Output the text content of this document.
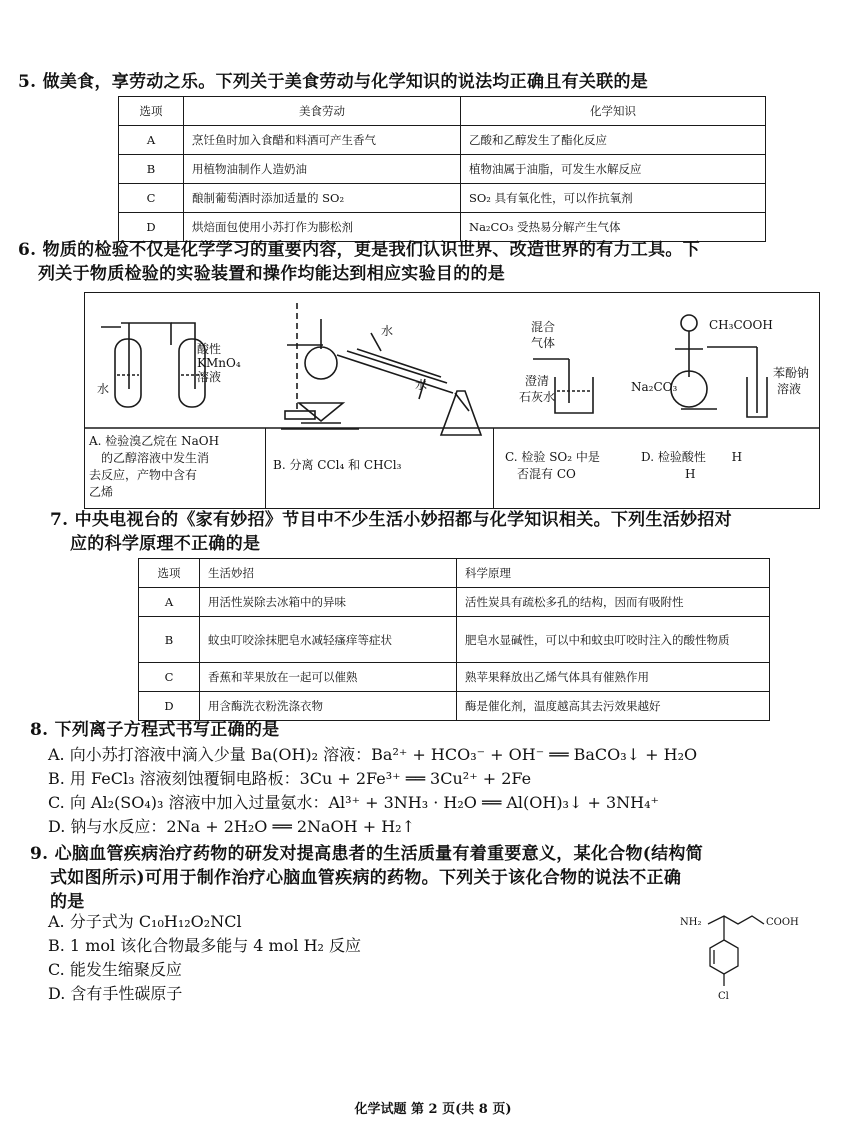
5. 做美食，享劳动之乐。下列关于美食劳动与化学知识的说法均正确且有关联的是
选项	美食劳动	化学知识
A	烹饪鱼时加入食醋和料酒可产生香气	乙酸和乙醇发生了酯化反应
B	用植物油制作人造奶油	植物油属于油脂，可发生水解反应
C	酿制葡萄酒时添加适量的 SO₂	SO₂ 具有氧化性，可以作抗氧剂
D	烘焙面包使用小苏打作为膨松剂	Na₂CO₃ 受热易分解产生气体
6. 物质的检验不仅是化学学习的重要内容，更是我们认识世界、改造世界的有力工具。下
列关于物质检验的实验装置和操作均能达到相应实验目的的是
水
酸性
KMnO₄
溶液
水
水
混合
气体
澄清
石灰水
CH₃COOH
Na₂CO₃
苯酚钠
溶液
A. 检验溴乙烷在 NaOH
的乙醇溶液中发生消
去反应，产物中含有
乙烯
B. 分离 CCl₄ 和 CHCl₃
C. 检验 SO₂ 中是
否混有 CO
D. 检验酸性 H
H
7. 中央电视台的《家有妙招》节目中不少生活小妙招都与化学知识相关。下列生活妙招对
应的科学原理不正确的是
选项	生活妙招	科学原理
A	用活性炭除去冰箱中的异味	活性炭具有疏松多孔的结构，因而有吸附性
B	蚊虫叮咬涂抹肥皂水减轻瘙痒等症状	肥皂水显碱性，可以中和蚊虫叮咬时注入的酸性物质
C	香蕉和苹果放在一起可以催熟	熟苹果释放出乙烯气体具有催熟作用
D	用含酶洗衣粉洗涤衣物	酶是催化剂，温度越高其去污效果越好
8. 下列离子方程式书写正确的是
A. 向小苏打溶液中滴入少量 Ba(OH)₂ 溶液：Ba²⁺ + HCO₃⁻ + OH⁻ ══ BaCO₃↓ + H₂O
B. 用 FeCl₃ 溶液刻蚀覆铜电路板：3Cu + 2Fe³⁺ ══ 3Cu²⁺ + 2Fe
C. 向 Al₂(SO₄)₃ 溶液中加入过量氨水：Al³⁺ + 3NH₃ · H₂O ══ Al(OH)₃↓ + 3NH₄⁺
D. 钠与水反应：2Na + 2H₂O ══ 2NaOH + H₂↑
9. 心脑血管疾病治疗药物的研发对提高患者的生活质量有着重要意义，某化合物(结构简
式如图所示)可用于制作治疗心脑血管疾病的药物。下列关于该化合物的说法不正确
的是
A. 分子式为 C₁₀H₁₂O₂NCl
B. 1 mol 该化合物最多能与 4 mol H₂ 反应
C. 能发生缩聚反应
D. 含有手性碳原子
NH₂	COOH
Cl
化学试题 第 2 页(共 8 页)
